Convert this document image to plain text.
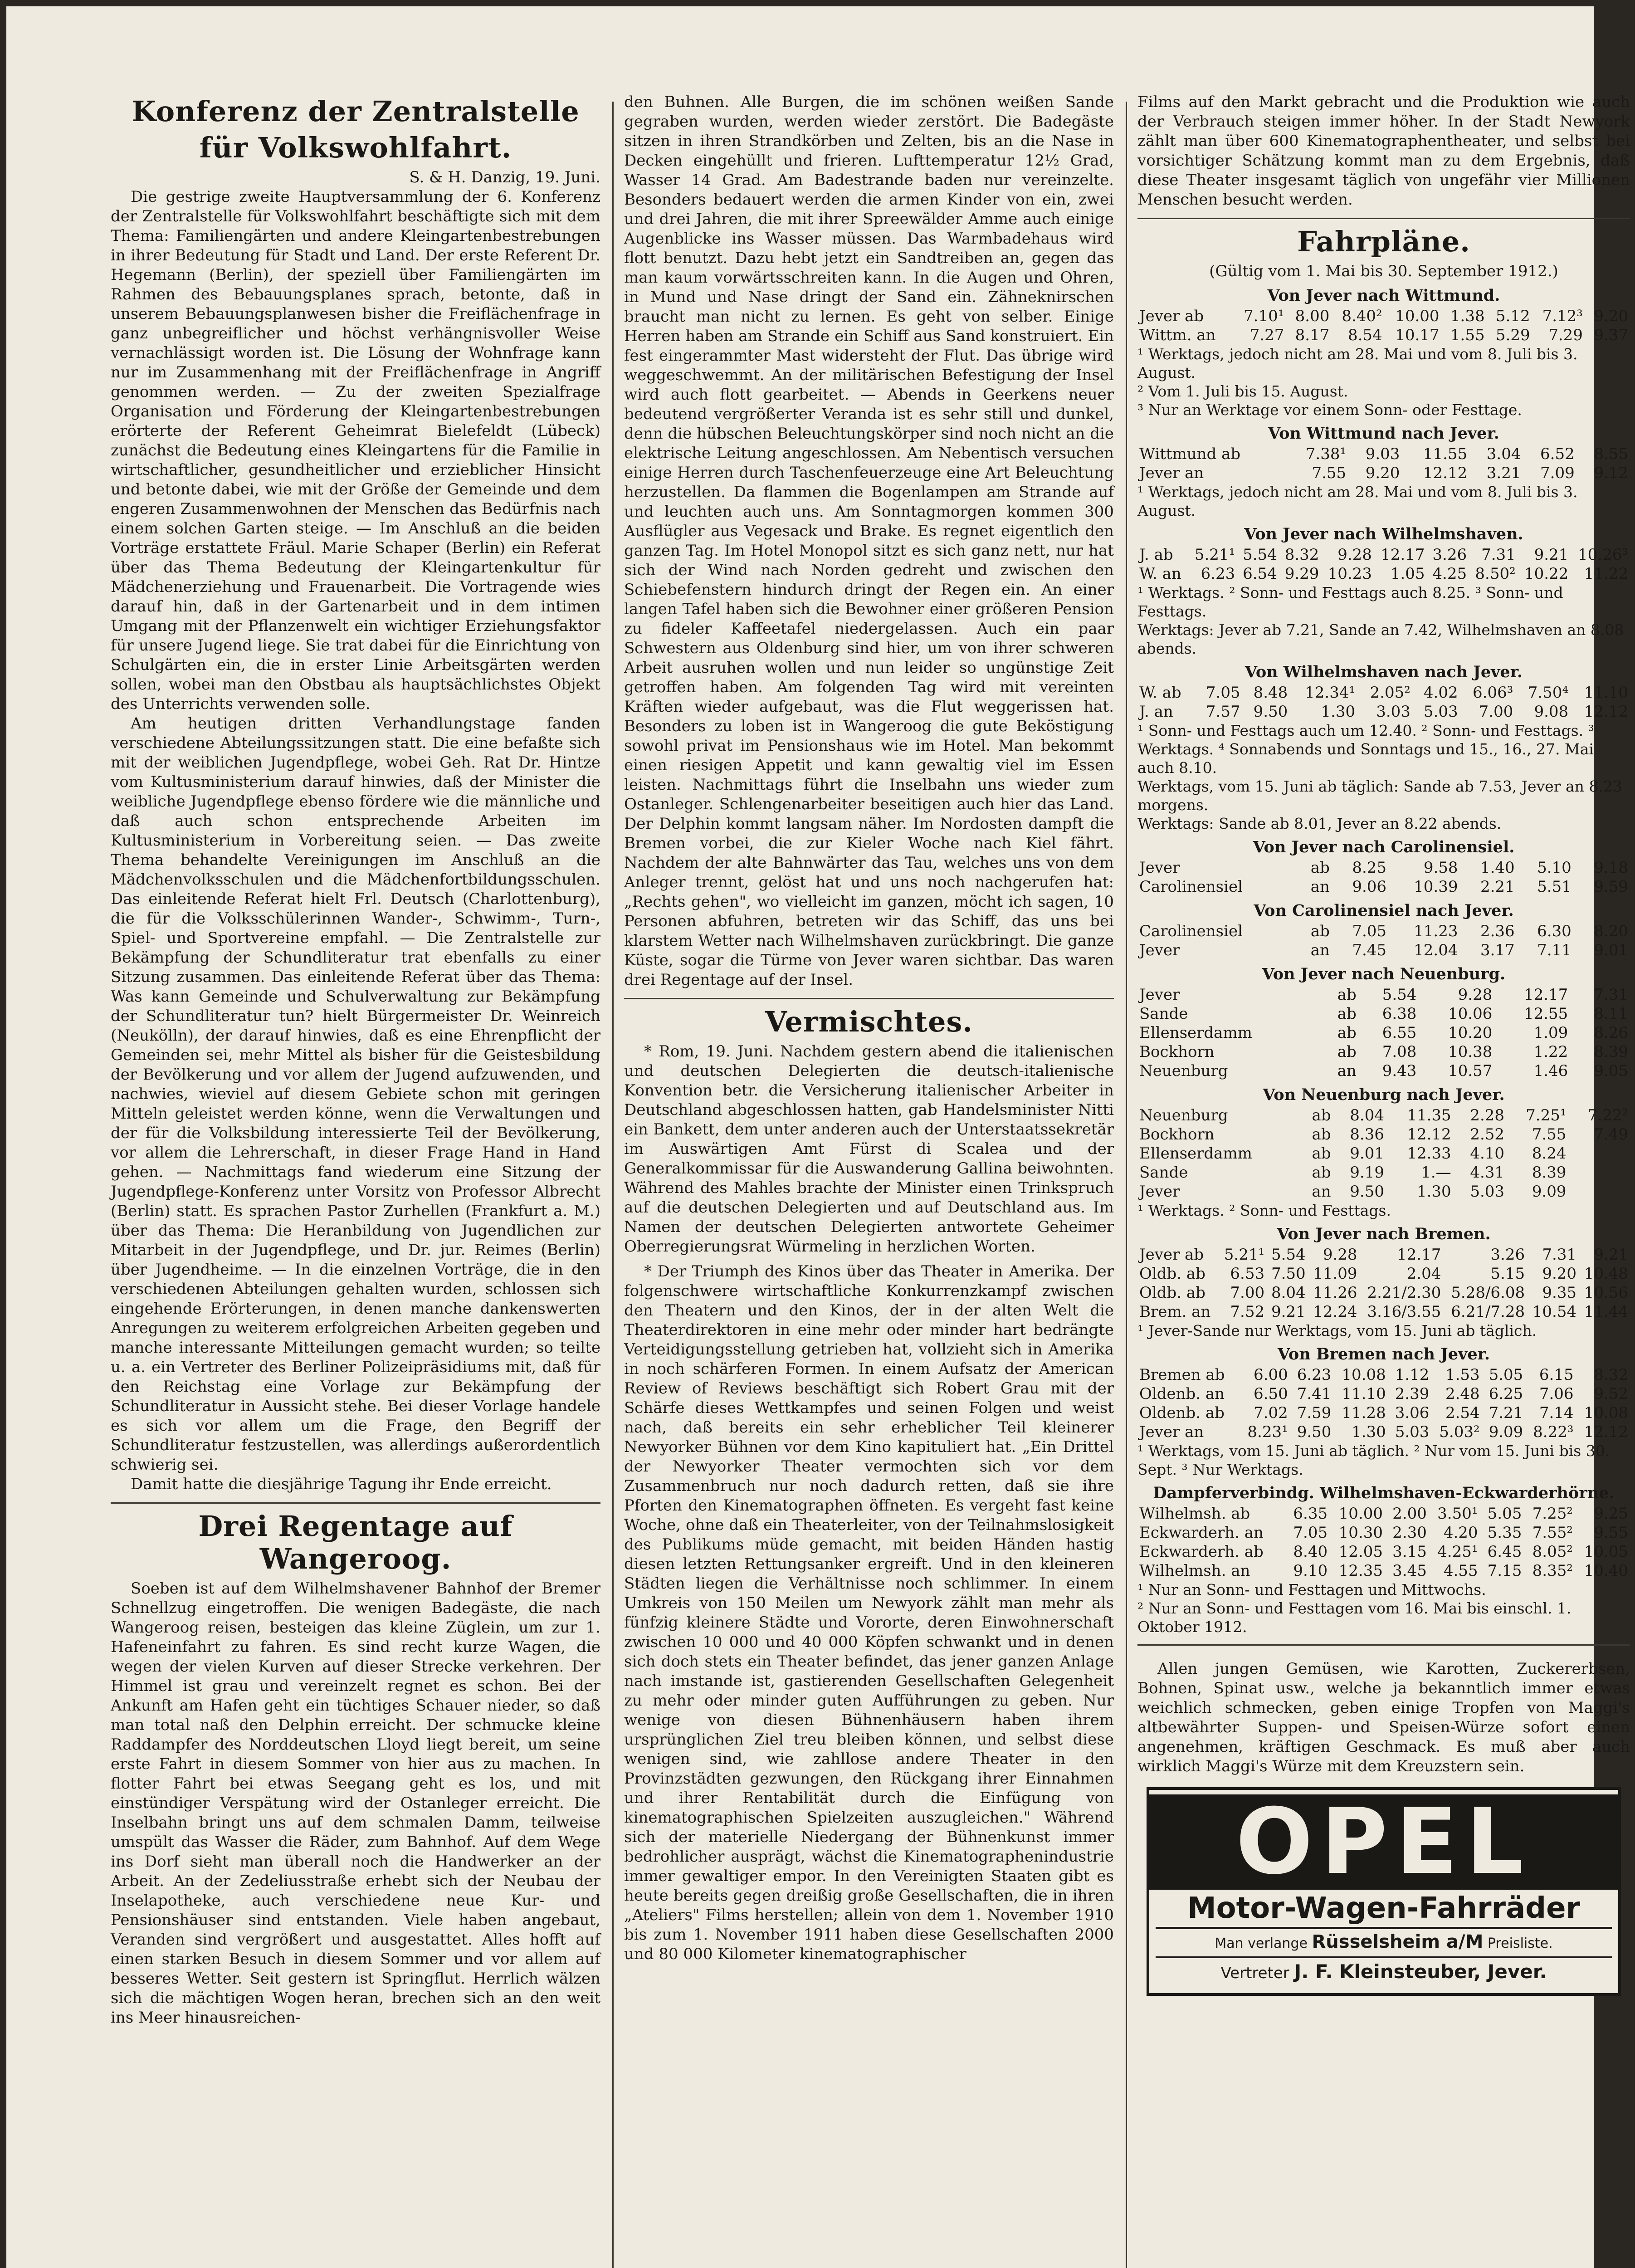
Konferenz der Zentralstelle
für Volkswohlfahrt.
S. & H. Danzig, 19. Juni.

Die gestrige zweite Hauptversammlung der 6. Konferenz der Zentralstelle für Volkswohlfahrt beschäftigte sich mit dem Thema: Familiengärten und andere Kleingartenbestrebungen in ihrer Bedeutung für Stadt und Land. Der erste Referent Dr. Hegemann (Berlin), der speziell über Familiengärten im Rahmen des Bebauungsplanes sprach, betonte, daß in unserem Bebauungsplanwesen bisher die Freiflächenfrage in ganz unbegreiflicher und höchst verhängnisvoller Weise vernachlässigt worden ist. Die Lösung der Wohnfrage kann nur im Zusammenhang mit der Freiflächenfrage in Angriff genommen werden. — Zu der zweiten Spezialfrage Organisation und Förderung der Kleingartenbestrebungen erörterte der Referent Geheimrat Bielefeldt (Lübeck) zunächst die Bedeutung eines Kleingartens für die Familie in wirtschaftlicher, gesundheitlicher und erzieblicher Hinsicht und betonte dabei, wie mit der Größe der Gemeinde und dem engeren Zusammenwohnen der Menschen das Bedürfnis nach einem solchen Garten steige. — Im Anschluß an die beiden Vorträge erstattete Fräul. Marie Schaper (Berlin) ein Referat über das Thema Bedeutung der Kleingartenkultur für Mädchenerziehung und Frauenarbeit. Die Vortragende wies darauf hin, daß in der Gartenarbeit und in dem intimen Umgang mit der Pflanzenwelt ein wichtiger Erziehungsfaktor für unsere Jugend liege. Sie trat dabei für die Einrichtung von Schulgärten ein, die in erster Linie Arbeitsgärten werden sollen, wobei man den Obstbau als hauptsächlichstes Objekt des Unterrichts verwenden solle.

Am heutigen dritten Verhandlungstage fanden verschiedene Abteilungssitzungen statt. Die eine befaßte sich mit der weiblichen Jugendpflege, wobei Geh. Rat Dr. Hintze vom Kultusministerium darauf hinwies, daß der Minister die weibliche Jugendpflege ebenso fördere wie die männliche und daß auch schon entsprechende Arbeiten im Kultusministerium in Vorbereitung seien. — Das zweite Thema behandelte Vereinigungen im Anschluß an die Mädchenvolksschulen und die Mädchenfortbildungsschulen. Das einleitende Referat hielt Frl. Deutsch (Charlottenburg), die für die Volksschülerinnen Wander-, Schwimm-, Turn-, Spiel- und Sportvereine empfahl. — Die Zentralstelle zur Bekämpfung der Schundliteratur trat ebenfalls zu einer Sitzung zusammen. Das einleitende Referat über das Thema: Was kann Gemeinde und Schulverwaltung zur Bekämpfung der Schundliteratur tun? hielt Bürgermeister Dr. Weinreich (Neukölln), der darauf hinwies, daß es eine Ehrenpflicht der Gemeinden sei, mehr Mittel als bisher für die Geistesbildung der Bevölkerung und vor allem der Jugend aufzuwenden, und nachwies, wieviel auf diesem Gebiete schon mit geringen Mitteln geleistet werden könne, wenn die Verwaltungen und der für die Volksbildung interessierte Teil der Bevölkerung, vor allem die Lehrerschaft, in dieser Frage Hand in Hand gehen. — Nachmittags fand wiederum eine Sitzung der Jugendpflege-Konferenz unter Vorsitz von Professor Albrecht (Berlin) statt. Es sprachen Pastor Zurhellen (Frankfurt a. M.) über das Thema: Die Heranbildung von Jugendlichen zur Mitarbeit in der Jugendpflege, und Dr. jur. Reimes (Berlin) über Jugendheime. — In die einzelnen Vorträge, die in den verschiedenen Abteilungen gehalten wurden, schlossen sich eingehende Erörterungen, in denen manche dankenswerten Anregungen zu weiterem erfolgreichen Arbeiten gegeben und manche interessante Mitteilungen gemacht wurden; so teilte u. a. ein Vertreter des Berliner Polizeipräsidiums mit, daß für den Reichstag eine Vorlage zur Bekämpfung der Schundliteratur in Aussicht stehe. Bei dieser Vorlage handele es sich vor allem um die Frage, den Begriff der Schundliteratur festzustellen, was allerdings außerordentlich schwierig sei.

Damit hatte die diesjährige Tagung ihr Ende erreicht.

Drei Regentage auf Wangeroog.

Soeben ist auf dem Wilhelmshavener Bahnhof der Bremer Schnellzug eingetroffen. Die wenigen Badegäste, die nach Wangeroog reisen, besteigen das kleine Züglein, um zur 1. Hafeneinfahrt zu fahren. Es sind recht kurze Wagen, die wegen der vielen Kurven auf dieser Strecke verkehren. Der Himmel ist grau und vereinzelt regnet es schon. Bei der Ankunft am Hafen geht ein tüchtiges Schauer nieder, so daß man total naß den Delphin erreicht. Der schmucke kleine Raddampfer des Norddeutschen Lloyd liegt bereit, um seine erste Fahrt in diesem Sommer von hier aus zu machen. In flotter Fahrt bei etwas Seegang geht es los, und mit einstündiger Verspätung wird der Ostanleger erreicht. Die Inselbahn bringt uns auf dem schmalen Damm, teilweise umspült das Wasser die Räder, zum Bahnhof. Auf dem Wege ins Dorf sieht man überall noch die Handwerker an der Arbeit. An der Zedeliusstraße erhebt sich der Neubau der Inselapotheke, auch verschiedene neue Kur- und Pensionshäuser sind entstanden. Viele haben angebaut, Veranden sind vergrößert und ausgestattet. Alles hofft auf einen starken Besuch in diesem Sommer und vor allem auf besseres Wetter. Seit gestern ist Springflut. Herrlich wälzen sich die mächtigen Wogen heran, brechen sich an den weit ins Meer hinausreichen-

den Buhnen. Alle Burgen, die im schönen weißen Sande gegraben wurden, werden wieder zerstört. Die Badegäste sitzen in ihren Strandkörben und Zelten, bis an die Nase in Decken eingehüllt und frieren. Lufttemperatur 12½ Grad, Wasser 14 Grad. Am Badestrande baden nur vereinzelte. Besonders bedauert werden die armen Kinder von ein, zwei und drei Jahren, die mit ihrer Spreewälder Amme auch einige Augenblicke ins Wasser müssen. Das Warmbadehaus wird flott benutzt. Dazu hebt jetzt ein Sandtreiben an, gegen das man kaum vorwärtsschreiten kann. In die Augen und Ohren, in Mund und Nase dringt der Sand ein. Zähneknirschen braucht man nicht zu lernen. Es geht von selber. Einige Herren haben am Strande ein Schiff aus Sand konstruiert. Ein fest eingerammter Mast widersteht der Flut. Das übrige wird weggeschwemmt. An der militärischen Befestigung der Insel wird auch flott gearbeitet. — Abends in Geerkens neuer bedeutend vergrößerter Veranda ist es sehr still und dunkel, denn die hübschen Beleuchtungskörper sind noch nicht an die elektrische Leitung angeschlossen. Am Nebentisch versuchen einige Herren durch Taschenfeuerzeuge eine Art Beleuchtung herzustellen. Da flammen die Bogenlampen am Strande auf und leuchten auch uns. Am Sonntagmorgen kommen 300 Ausflügler aus Vegesack und Brake. Es regnet eigentlich den ganzen Tag. Im Hotel Monopol sitzt es sich ganz nett, nur hat sich der Wind nach Norden gedreht und zwischen den Schiebefenstern hindurch dringt der Regen ein. An einer langen Tafel haben sich die Bewohner einer größeren Pension zu fideler Kaffeetafel niedergelassen. Auch ein paar Schwestern aus Oldenburg sind hier, um von ihrer schweren Arbeit ausruhen wollen und nun leider so ungünstige Zeit getroffen haben. Am folgenden Tag wird mit vereinten Kräften wieder aufgebaut, was die Flut weggerissen hat. Besonders zu loben ist in Wangeroog die gute Beköstigung sowohl privat im Pensionshaus wie im Hotel. Man bekommt einen riesigen Appetit und kann gewaltig viel im Essen leisten. Nachmittags führt die Inselbahn uns wieder zum Ostanleger. Schlengenarbeiter beseitigen auch hier das Land. Der Delphin kommt langsam näher. Im Nordosten dampft die Bremen vorbei, die zur Kieler Woche nach Kiel fährt. Nachdem der alte Bahnwärter das Tau, welches uns von dem Anleger trennt, gelöst hat und uns noch nachgerufen hat: „Rechts gehen", wo vielleicht im ganzen, möcht ich sagen, 10 Personen abfuhren, betreten wir das Schiff, das uns bei klarstem Wetter nach Wilhelmshaven zurückbringt. Die ganze Küste, sogar die Türme von Jever waren sichtbar. Das waren drei Regentage auf der Insel.

Vermischtes.

* Rom, 19. Juni. Nachdem gestern abend die italienischen und deutschen Delegierten die deutsch-italienische Konvention betr. die Versicherung italienischer Arbeiter in Deutschland abgeschlossen hatten, gab Handelsminister Nitti ein Bankett, dem unter anderen auch der Unterstaatssekretär im Auswärtigen Amt Fürst di Scalea und der Generalkommissar für die Auswanderung Gallina beiwohnten. Während des Mahles brachte der Minister einen Trinkspruch auf die deutschen Delegierten und auf Deutschland aus. Im Namen der deutschen Delegierten antwortete Geheimer Oberregierungsrat Würmeling in herzlichen Worten.

* Der Triumph des Kinos über das Theater in Amerika. Der folgenschwere wirtschaftliche Konkurrenzkampf zwischen den Theatern und den Kinos, der in der alten Welt die Theaterdirektoren in eine mehr oder minder hart bedrängte Verteidigungsstellung getrieben hat, vollzieht sich in Amerika in noch schärferen Formen. In einem Aufsatz der American Review of Reviews beschäftigt sich Robert Grau mit der Schärfe dieses Wettkampfes und seinen Folgen und weist nach, daß bereits ein sehr erheblicher Teil kleinerer Newyorker Bühnen vor dem Kino kapituliert hat. „Ein Drittel der Newyorker Theater vermochten sich vor dem Zusammenbruch nur noch dadurch retten, daß sie ihre Pforten den Kinematographen öffneten. Es vergeht fast keine Woche, ohne daß ein Theaterleiter, von der Teilnahmslosigkeit des Publikums müde gemacht, mit beiden Händen hastig diesen letzten Rettungsanker ergreift. Und in den kleineren Städten liegen die Verhältnisse noch schlimmer. In einem Umkreis von 150 Meilen um Newyork zählt man mehr als fünfzig kleinere Städte und Vororte, deren Einwohnerschaft zwischen 10 000 und 40 000 Köpfen schwankt und in denen sich doch stets ein Theater befindet, das jener ganzen Anlage nach imstande ist, gastierenden Gesellschaften Gelegenheit zu mehr oder minder guten Aufführungen zu geben. Nur wenige von diesen Bühnenhäusern haben ihrem ursprünglichen Ziel treu bleiben können, und selbst diese wenigen sind, wie zahllose andere Theater in den Provinzstädten gezwungen, den Rückgang ihrer Einnahmen und ihrer Rentabilität durch die Einfügung von kinematographischen Spielzeiten auszugleichen." Während sich der materielle Niedergang der Bühnenkunst immer bedrohlicher ausprägt, wächst die Kinematographenindustrie immer gewaltiger empor. In den Vereinigten Staaten gibt es heute bereits gegen dreißig große Gesellschaften, die in ihren „Ateliers" Films herstellen; allein von dem 1. November 1910 bis zum 1. November 1911 haben diese Gesellschaften 2000 und 80 000 Kilometer kinematographischer

Films auf den Markt gebracht und die Produktion wie auch der Verbrauch steigen immer höher. In der Stadt Newyork zählt man über 600 Kinematographentheater, und selbst bei vorsichtiger Schätzung kommt man zu dem Ergebnis, daß diese Theater insgesamt täglich von ungefähr vier Millionen Menschen besucht werden.

Fahrpläne.
(Gültig vom 1. Mai bis 30. September 1912.)
Von Jever nach Wittmund.
Jever ab	7.10¹	8.00	8.40²	10.00	1.38	5.12	7.12³	9.20
Wittm. an	7.27	8.17	8.54	10.17	1.55	5.29	7.29	9.37
¹ Werktags, jedoch nicht am 28. Mai und vom 8. Juli bis 3. August.
² Vom 1. Juli bis 15. August.
³ Nur an Werktage vor einem Sonn- oder Festtage.
Von Wittmund nach Jever.
Wittmund ab	7.38¹	9.03	11.55	3.04	6.52	8.55
Jever an	7.55	9.20	12.12	3.21	7.09	9.12
¹ Werktags, jedoch nicht am 28. Mai und vom 8. Juli bis 3. August.
Von Jever nach Wilhelmshaven.
J. ab	5.21¹	5.54	8.32	9.28	12.17	3.26	7.31	9.21	10.26³
W. an	6.23	6.54	9.29	10.23	1.05	4.25	8.50²	10.22	11.22
¹ Werktags. ² Sonn- und Festtags auch 8.25. ³ Sonn- und Festtags.
Werktags: Jever ab 7.21, Sande an 7.42, Wilhelmshaven an 8.08 abends.
Von Wilhelmshaven nach Jever.
W. ab	7.05	8.48	12.34¹	2.05²	4.02	6.06³	7.50⁴	11.10
J. an	7.57	9.50	1.30	3.03	5.03	7.00	9.08	12.12
¹ Sonn- und Festtags auch um 12.40. ² Sonn- und Festtags. ³ Werktags. ⁴ Sonnabends und Sonntags und 15., 16., 27. Mai auch 8.10.
Werktags, vom 15. Juni ab täglich: Sande ab 7.53, Jever an 8.23 morgens.
Werktags: Sande ab 8.01, Jever an 8.22 abends.
Von Jever nach Carolinensiel.
Jever	ab	8.25	9.58	1.40	5.10	9.18
Carolinensiel	an	9.06	10.39	2.21	5.51	9.59
Von Carolinensiel nach Jever.
Carolinensiel	ab	7.05	11.23	2.36	6.30	8.20
Jever	an	7.45	12.04	3.17	7.11	9.01
Von Jever nach Neuenburg.
Jever	ab	5.54	9.28	12.17	7.31
Sande	ab	6.38	10.06	12.55	8.11
Ellenserdamm	ab	6.55	10.20	1.09	8.26
Bockhorn	ab	7.08	10.38	1.22	8.39
Neuenburg	an	9.43	10.57	1.46	9.05
Von Neuenburg nach Jever.
Neuenburg	ab	8.04	11.35	2.28	7.25¹	7.22²
Bockhorn	ab	8.36	12.12	2.52	7.55	7.49
Ellenserdamm	ab	9.01	12.33	4.10	8.24	
Sande	ab	9.19	1.—	4.31	8.39	
Jever	an	9.50	1.30	5.03	9.09	
¹ Werktags. ² Sonn- und Festtags.
Von Jever nach Bremen.
Jever ab	5.21¹	5.54	9.28	12.17	3.26	7.31	9.21
Oldb. ab	6.53	7.50	11.09	2.04	5.15	9.20	10.48
Oldb. ab	7.00	8.04	11.26	2.21/2.30	5.28/6.08	9.35	10.56
Brem. an	7.52	9.21	12.24	3.16/3.55	6.21/7.28	10.54	11.44
¹ Jever-Sande nur Werktags, vom 15. Juni ab täglich.
Von Bremen nach Jever.
Bremen ab	6.00	6.23	10.08	1.12	1.53	5.05	6.15	8.32
Oldenb. an	6.50	7.41	11.10	2.39	2.48	6.25	7.06	9.52
Oldenb. ab	7.02	7.59	11.28	3.06	2.54	7.21	7.14	10.08
Jever an	8.23¹	9.50	1.30	5.03	5.03²	9.09	8.22³	12.12
¹ Werktags, vom 15. Juni ab täglich. ² Nur vom 15. Juni bis 30. Sept. ³ Nur Werktags.
Dampferverbindg. Wilhelmshaven-Eckwarderhörne.
Wilhelmsh. ab	6.35	10.00	2.00	3.50¹	5.05	7.25²	9.25
Eckwarderh. an	7.05	10.30	2.30	4.20	5.35	7.55²	9.55
Eckwarderh. ab	8.40	12.05	3.15	4.25¹	6.45	8.05²	10.05
Wilhelmsh. an	9.10	12.35	3.45	4.55	7.15	8.35²	10.40
¹ Nur an Sonn- und Festtagen und Mittwochs.
² Nur an Sonn- und Festtagen vom 16. Mai bis einschl. 1. Oktober 1912.

Allen jungen Gemüsen, wie Karotten, Zuckererbsen, Bohnen, Spinat usw., welche ja bekanntlich immer etwas weichlich schmecken, geben einige Tropfen von Maggi's altbewährter Suppen- und Speisen-Würze sofort einen angenehmen, kräftigen Geschmack. Es muß aber auch wirklich Maggi's Würze mit dem Kreuzstern sein.

OPEL
Motor-Wagen-Fahrräder
Man verlange Rüsselsheim a/M Preisliste.
Vertreter J. F. Kleinsteuber, Jever.
